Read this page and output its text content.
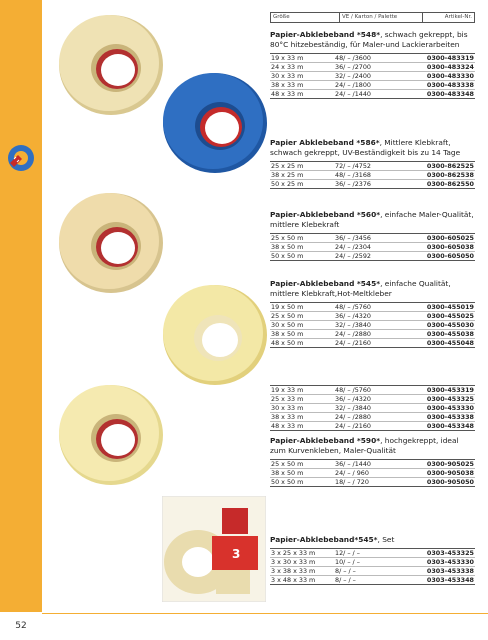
52
Größe	VE / Karton / Palette	Artikel-Nr.
3

Papier-Abklebeband *548*, schwach gekreppt, bis 80°C hitzebeständig, für Maler-und Lackierarbeiten

19 x 33 m	48/ – /3600	0300-483319
24 x 33 m	36/ – /2700	0300-483324
30 x 33 m	32/ – /2400	0300-483330
38 x 33 m	24/ – /1800	0300-483338
48 x 33 m	24/ – /1440	0300-483348

Papier Abklebeband *586*, Mittlere Klebkraft, schwach gekreppt, UV-Beständigkeit bis zu 14 Tage

25 x 25 m	72/ – /4752	0300-862525
38 x 25 m	48/ – /3168	0300-862538
50 x 25 m	36/ – /2376	0300-862550

Papier-Abklebeband *560*, einfache Maler-Qualität, mittlere Klebekraft

25 x 50 m	36/ – /3456	0300-605025
38 x 50 m	24/ – /2304	0300-605038
50 x 50 m	24/ – /2592	0300-605050

Papier-Abklebeband *545*, einfache Qualität, mittlere Klebkraft,Hot-Meltkleber

19 x 50 m	48/ – /5760	0300-455019
25 x 50 m	36/ – /4320	0300-455025
30 x 50 m	32/ – /3840	0300-455030
38 x 50 m	24/ – /2880	0300-455038
48 x 50 m	24/ – /2160	0300-455048
19 x 33 m	48/ – /5760	0300-453319
25 x 33 m	36/ – /4320	0300-453325
30 x 33 m	32/ – /3840	0300-453330
38 x 33 m	24/ – /2880	0300-453338
48 x 33 m	24/ – /2160	0300-453348

Papier-Abklebeband *590*, hochgekreppt, ideal zum Kurvenkleben, Maler-Qualität

25 x 50 m	36/ – /1440	0300-905025
38 x 50 m	24/ – / 960	0300-905038
50 x 50 m	18/ – / 720	0300-905050

Papier-Abklebeband*545*, Set

3 x 25 x 33 m	12/ – / –	0303-453325
3 x 30 x 33 m	10/ – / –	0303-453330
3 x 38 x 33 m	8/ – / –	0303-453338
3 x 48 x 33 m	8/ – / –	0303-453348
